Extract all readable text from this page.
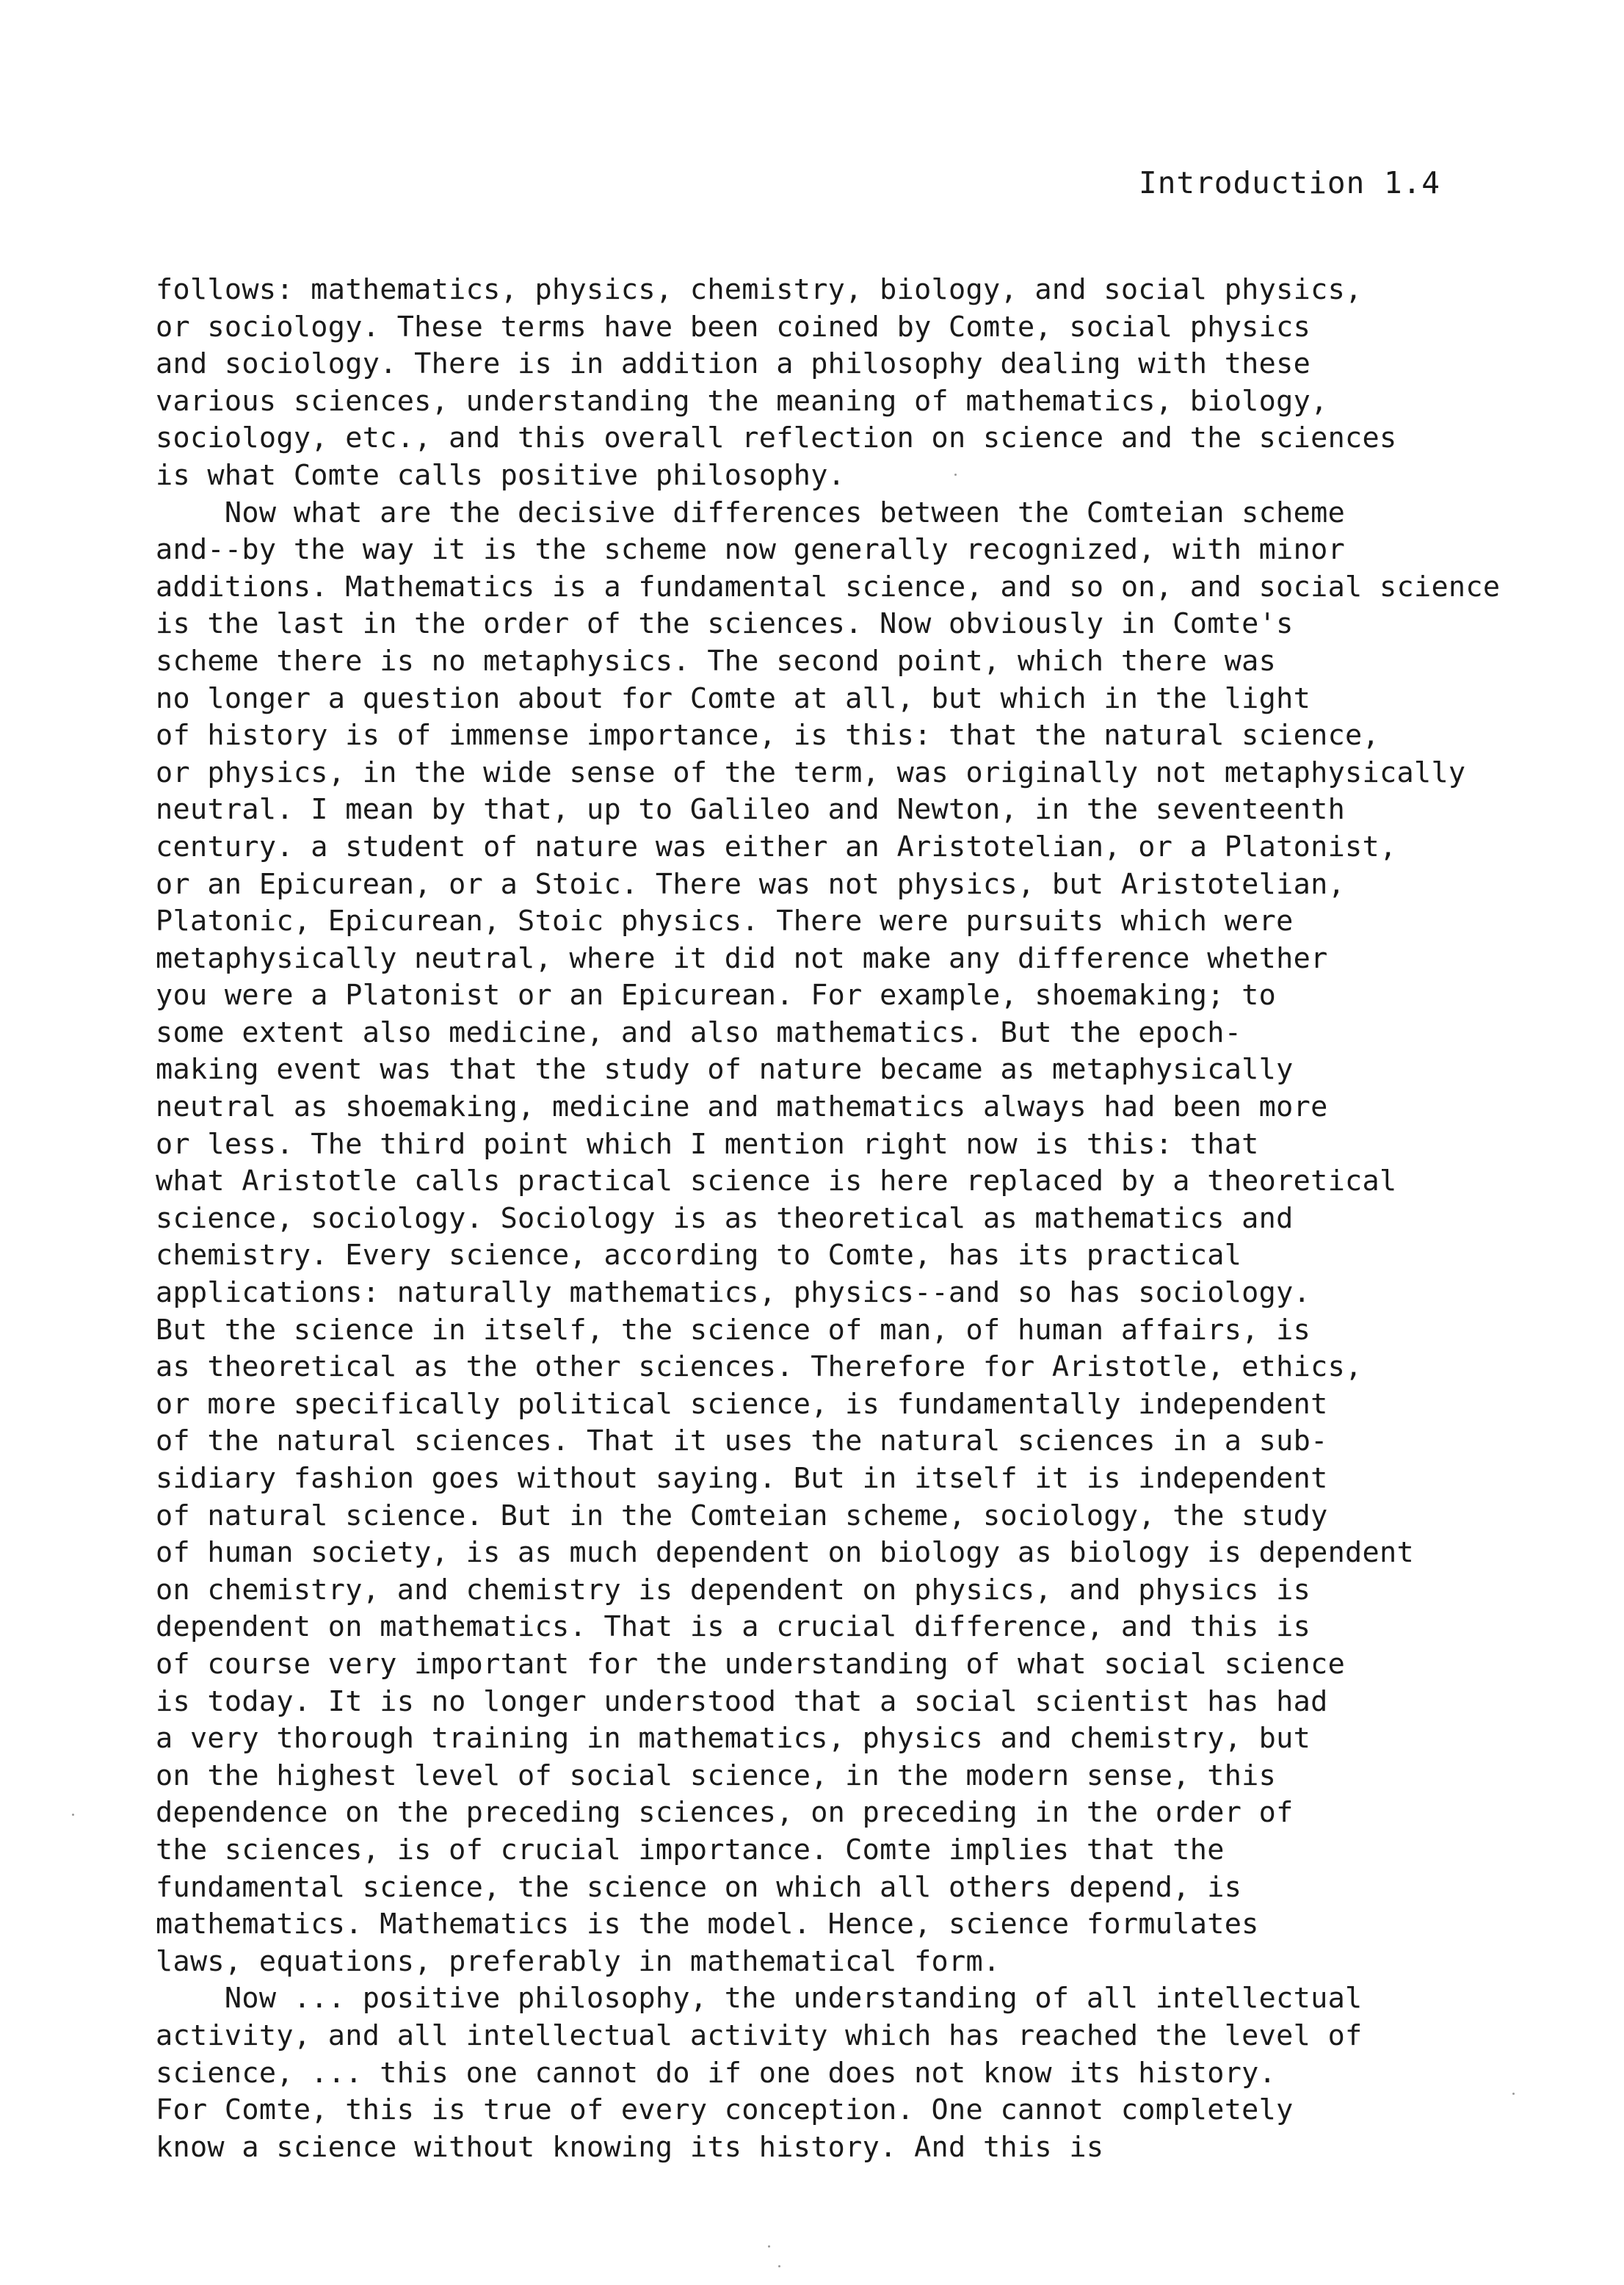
Introduction 1.4
follows: mathematics, physics, chemistry, biology, and social physics,
or sociology. These terms have been coined by Comte, social physics
and sociology. There is in addition a philosophy dealing with these
various sciences, understanding the meaning of mathematics, biology,
sociology, etc., and this overall reflection on science and the sciences
is what Comte calls positive philosophy.
Now what are the decisive differences between the Comteian scheme
and--by the way it is the scheme now generally recognized, with minor
additions. Mathematics is a fundamental science, and so on, and social science
is the last in the order of the sciences. Now obviously in Comte's
scheme there is no metaphysics. The second point, which there was
no longer a question about for Comte at all, but which in the light
of history is of immense importance, is this: that the natural science,
or physics, in the wide sense of the term, was originally not metaphysically
neutral. I mean by that, up to Galileo and Newton, in the seventeenth
century. a student of nature was either an Aristotelian, or a Platonist,
or an Epicurean, or a Stoic. There was not physics, but Aristotelian,
Platonic, Epicurean, Stoic physics. There were pursuits which were
metaphysically neutral, where it did not make any difference whether
you were a Platonist or an Epicurean. For example, shoemaking; to
some extent also medicine, and also mathematics. But the epoch-
making event was that the study of nature became as metaphysically
neutral as shoemaking, medicine and mathematics always had been more
or less. The third point which I mention right now is this: that
what Aristotle calls practical science is here replaced by a theoretical
science, sociology. Sociology is as theoretical as mathematics and
chemistry. Every science, according to Comte, has its practical
applications: naturally mathematics, physics--and so has sociology.
But the science in itself, the science of man, of human affairs, is
as theoretical as the other sciences. Therefore for Aristotle, ethics,
or more specifically political science, is fundamentally independent
of the natural sciences. That it uses the natural sciences in a sub-
sidiary fashion goes without saying. But in itself it is independent
of natural science. But in the Comteian scheme, sociology, the study
of human society, is as much dependent on biology as biology is dependent
on chemistry, and chemistry is dependent on physics, and physics is
dependent on mathematics. That is a crucial difference, and this is
of course very important for the understanding of what social science
is today. It is no longer understood that a social scientist has had
a very thorough training in mathematics, physics and chemistry, but
on the highest level of social science, in the modern sense, this
dependence on the preceding sciences, on preceding in the order of
the sciences, is of crucial importance. Comte implies that the
fundamental science, the science on which all others depend, is
mathematics. Mathematics is the model. Hence, science formulates
laws, equations, preferably in mathematical form.
Now ... positive philosophy, the understanding of all intellectual
activity, and all intellectual activity which has reached the level of
science, ... this one cannot do if one does not know its history.
For Comte, this is true of every conception. One cannot completely
know a science without knowing its history. And this is
